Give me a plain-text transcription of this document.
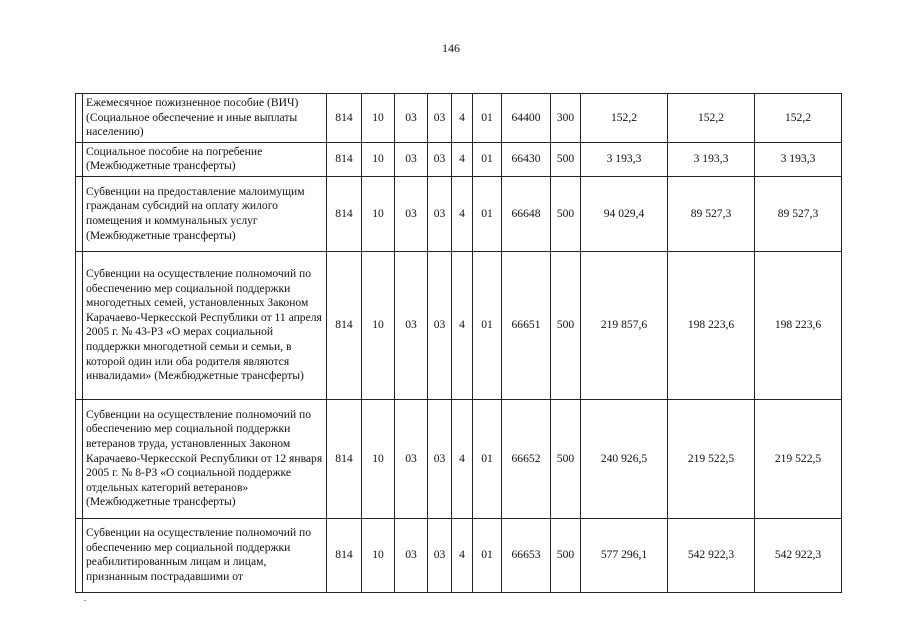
146
	Ежемесячное пожизненное пособие (ВИЧ) (Социальное обеспечение и иные выплаты населению)	814	10	03	03	4	01	64400	300	152,2	152,2	152,2
	Социальное пособие на погребение (Межбюджетные трансферты)	814	10	03	03	4	01	66430	500	3 193,3	3 193,3	3 193,3
	Субвенции на предоставление малоимущим гражданам субсидий на оплату жилого помещения и коммунальных услуг (Межбюджетные трансферты)	814	10	03	03	4	01	66648	500	94 029,4	89 527,3	89 527,3
	Субвенции на осуществление полномочий по обеспечению мер социальной поддержки многодетных семей, установленных Законом Карачаево-Черкесской Республики от 11 апреля 2005 г. № 43-РЗ «О мерах социальной поддержки многодетной семьи и семьи, в которой один или оба родителя являются инвалидами» (Межбюджетные трансферты)	814	10	03	03	4	01	66651	500	219 857,6	198 223,6	198 223,6
	Субвенции на осуществление полномочий по обеспечению мер социальной поддержки ветеранов труда, установленных Законом Карачаево-Черкесской Республики от 12 января 2005 г. № 8-РЗ «О социальной поддержке отдельных категорий ветеранов» (Межбюджетные трансферты)	814	10	03	03	4	01	66652	500	240 926,5	219 522,5	219 522,5
	Субвенции на осуществление полномочий по обеспечению мер социальной поддержки реабилитированным лицам и лицам, признанным пострадавшими от	814	10	03	03	4	01	66653	500	577 296,1	542 922,3	542 922,3
